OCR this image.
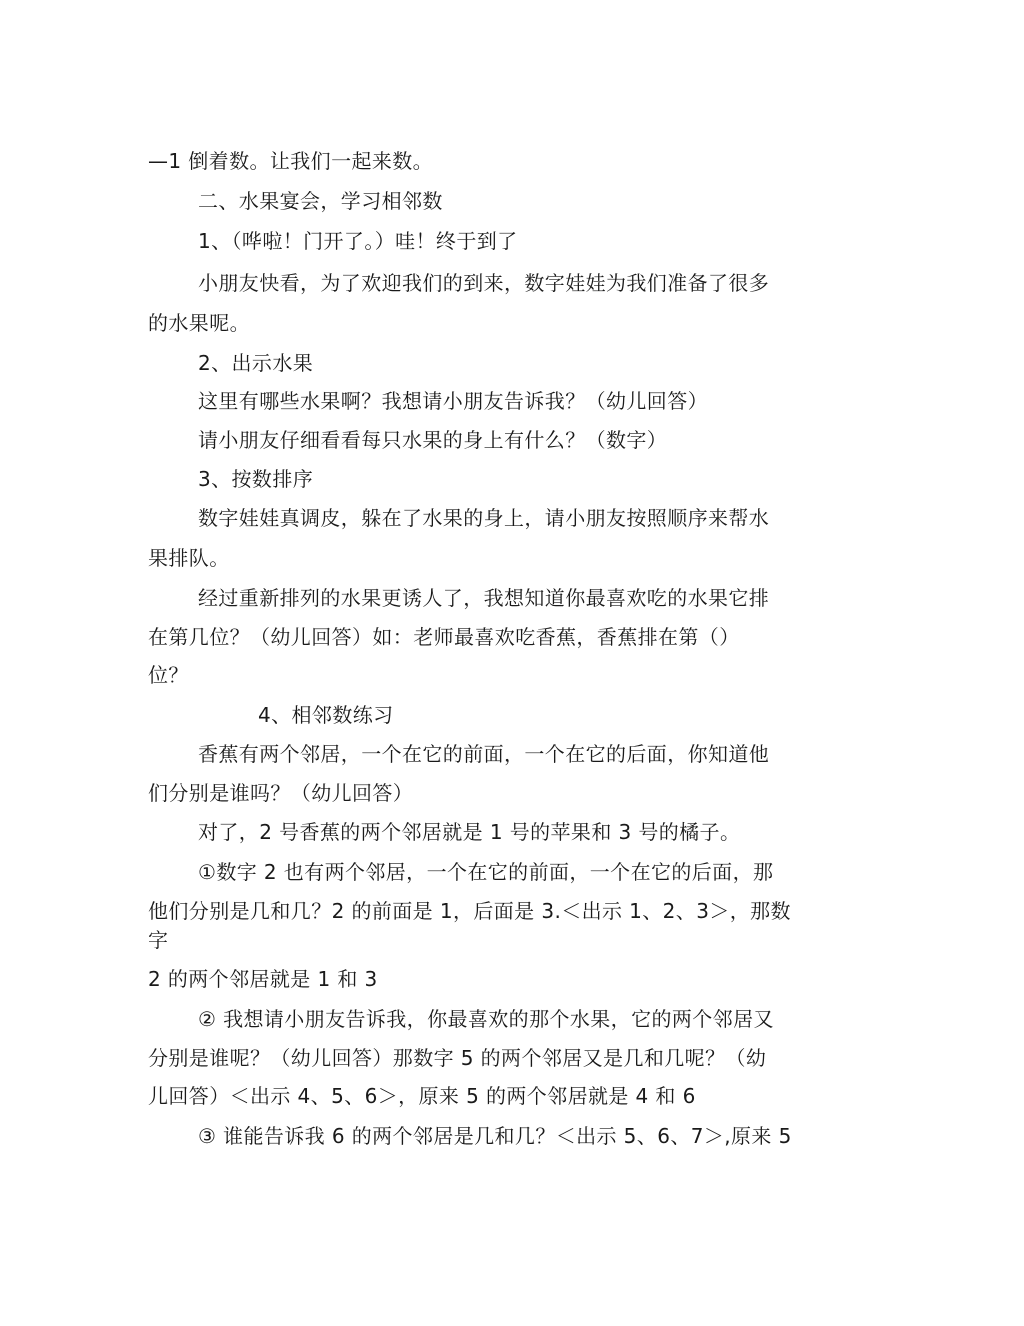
—1 倒着数。让我们一起来数。
二、水果宴会，学习相邻数
1、（哗啦！门开了。）哇！终于到了
小朋友快看，为了欢迎我们的到来，数字娃娃为我们准备了很多
的水果呢。
2、出示水果
这里有哪些水果啊？我想请小朋友告诉我？（幼儿回答）
请小朋友仔细看看每只水果的身上有什么？（数字）
3、按数排序
数字娃娃真调皮，躲在了水果的身上，请小朋友按照顺序来帮水
果排队。
经过重新排列的水果更诱人了，我想知道你最喜欢吃的水果它排
在第几位？（幼儿回答）如：老师最喜欢吃香蕉，香蕉排在第（）
位？
4、相邻数练习
香蕉有两个邻居，一个在它的前面，一个在它的后面，你知道他
们分别是谁吗？（幼儿回答）
对了，2 号香蕉的两个邻居就是 1 号的苹果和 3 号的橘子。
①数字 2 也有两个邻居，一个在它的前面，一个在它的后面，那
他们分别是几和几？2 的前面是 1，后面是 3.＜出示 1、2、3＞，那数
字
2 的两个邻居就是 1 和 3
② 我想请小朋友告诉我，你最喜欢的那个水果，它的两个邻居又
分别是谁呢？（幼儿回答）那数字 5 的两个邻居又是几和几呢？（幼
儿回答）＜出示 4、5、6＞，原来 5 的两个邻居就是 4 和 6
③ 谁能告诉我 6 的两个邻居是几和几？＜出示 5、6、7＞,原来 5
